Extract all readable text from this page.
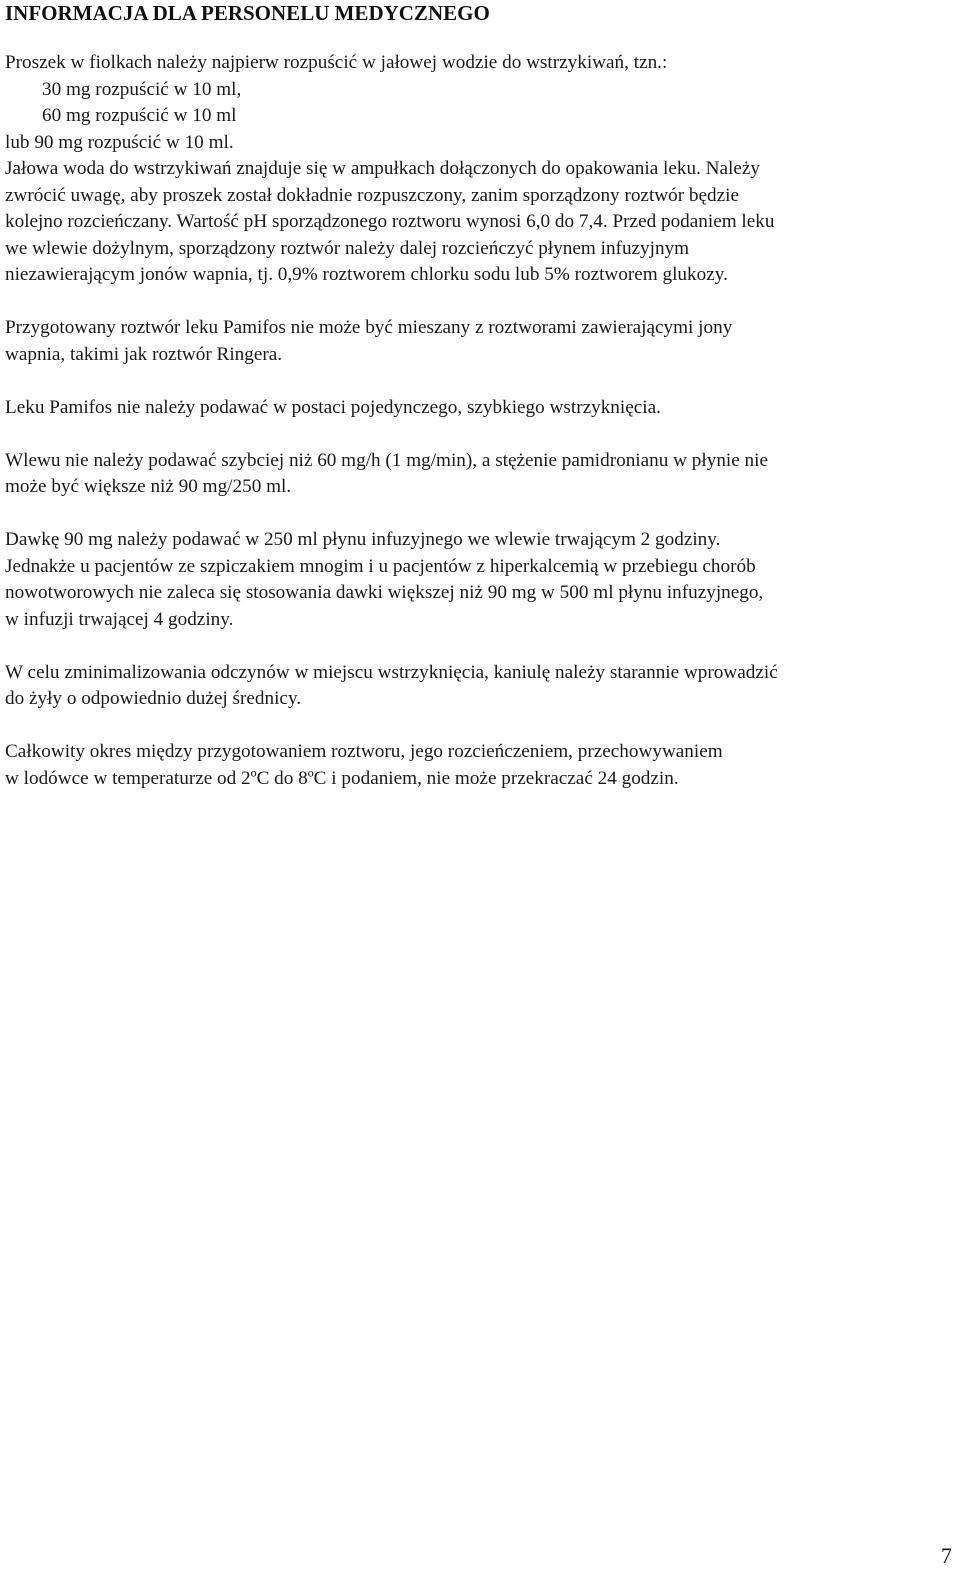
INFORMACJA DLA PERSONELU MEDYCZNEGO

Proszek w fiolkach należy najpierw rozpuścić w jałowej wodzie do wstrzykiwań, tzn.:
30 mg rozpuścić w 10 ml,
60 mg rozpuścić w 10 ml
lub 90 mg rozpuścić w 10 ml.
Jałowa woda do wstrzykiwań znajduje się w ampułkach dołączonych do opakowania leku. Należy
zwrócić uwagę, aby proszek został dokładnie rozpuszczony, zanim sporządzony roztwór będzie
kolejno rozcieńczany. Wartość pH sporządzonego roztworu wynosi 6,0 do 7,4. Przed podaniem leku
we wlewie dożylnym, sporządzony roztwór należy dalej rozcieńczyć płynem infuzyjnym
niezawierającym jonów wapnia, tj. 0,9% roztworem chlorku sodu lub 5% roztworem glukozy.

Przygotowany roztwór leku Pamifos nie może być mieszany z roztworami zawierającymi jony
wapnia, takimi jak roztwór Ringera.

Leku Pamifos nie należy podawać w postaci pojedynczego, szybkiego wstrzyknięcia.

Wlewu nie należy podawać szybciej niż 60 mg/h (1 mg/min), a stężenie pamidronianu w płynie nie
może być większe niż 90 mg/250 ml.

Dawkę 90 mg należy podawać w 250 ml płynu infuzyjnego we wlewie trwającym 2 godziny.
Jednakże u pacjentów ze szpiczakiem mnogim i u pacjentów z hiperkalcemią w przebiegu chorób
nowotworowych nie zaleca się stosowania dawki większej niż 90 mg w 500 ml płynu infuzyjnego,
w infuzji trwającej 4 godziny.

W celu zminimalizowania odczynów w miejscu wstrzyknięcia, kaniulę należy starannie wprowadzić
do żyły o odpowiednio dużej średnicy.

Całkowity okres między przygotowaniem roztworu, jego rozcieńczeniem, przechowywaniem
w lodówce w temperaturze od 2ºC do 8ºC i podaniem, nie może przekraczać 24 godzin.

7
